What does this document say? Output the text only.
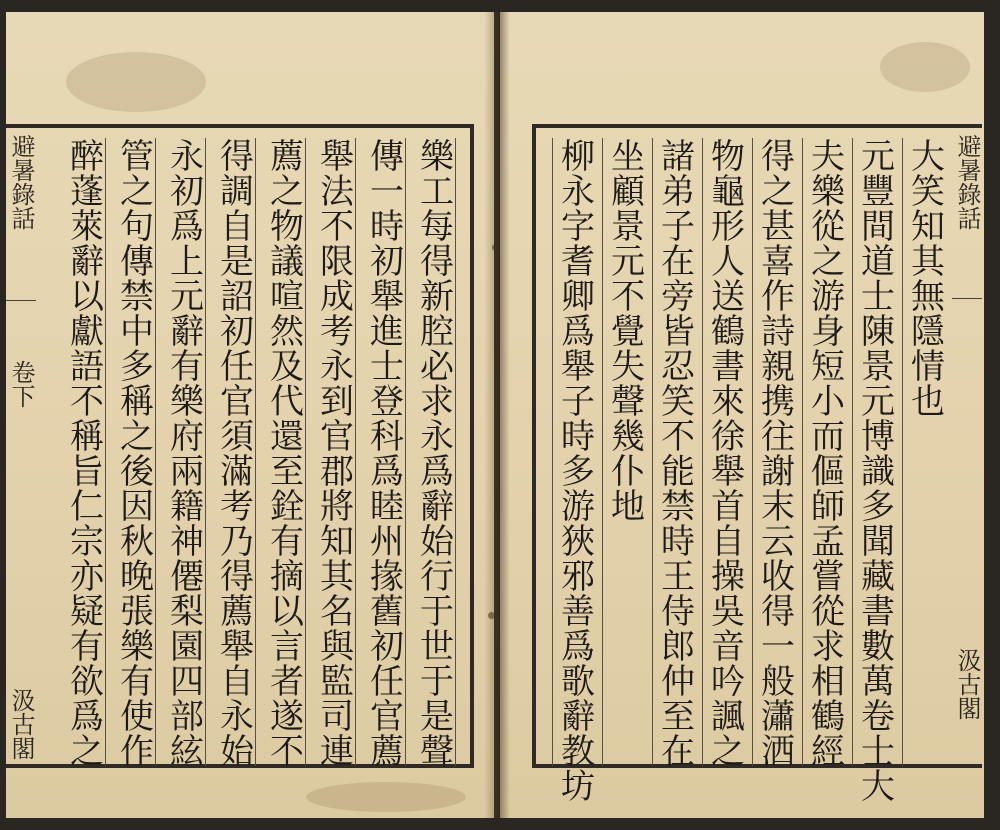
避暑錄話
卷下
汲古閣	樂工每得新腔必求永爲辭始行于世于是聲
傳一時初舉進士登科爲睦州掾舊初任官薦
舉法不限成考永到官郡將知其名與監司連
薦之物議喧然及代還至銓有摘以言者遂不
得調自是詔初任官須滿考乃得薦舉自永始
永初爲上元辭有樂府兩籍神僊梨園四部絃
管之句傳禁中多稱之後因秋晚張樂有使作
醉蓬萊辭以獻語不稱旨仁宗亦疑有欲爲之	大笑知其無隱情也
元豐間道士陳景元博識多聞藏書數萬卷士大
夫樂從之游身短小而傴師孟嘗從求相鶴經
得之甚喜作詩親携往謝末云收得一般瀟洒
物龜形人送鶴書來徐舉首自操吳音吟諷之
諸弟子在旁皆忍笑不能禁時王侍郎仲至在
坐顧景元不覺失聲幾仆地
柳永字耆卿爲舉子時多游狹邪善爲歌辭教坊	避暑錄話
汲古閣
